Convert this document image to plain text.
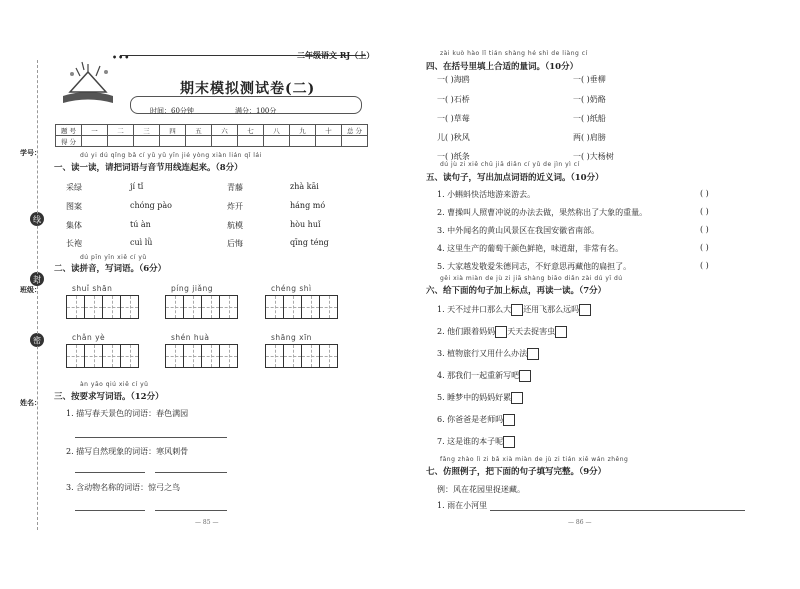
学号：
线
封
班级：
密
姓名：
•••	二年级语文 RJ（上）
期末模拟测试卷(二)
时间：60分钟	满分：100分
题 号	一	二	三	四	五	六	七	八	九	十	总 分
得 分											
dú yi dú qǐng bǎ cí yǔ yǔ yīn jié yòng xiàn lián qǐ lái
一、读一读，请把词语与音节用线连起来。（8分）
采绿	jí tǐ	青藤	zhà kāi
图案	chóng pào	炸开	háng mó
集体	tú àn	航模	hòu huǐ
长袍	cuì lǜ	后悔	qīng téng
dú pīn yīn xiě cí yǔ
二、读拼音，写词语。（6分）
shuǐ shān	píng jiǎng	chéng shì
chǎn yè	shén huà	shāng xīn
àn yāo qiú xiě cí yǔ
三、按要求写词语。（12分）
1. 描写春天景色的词语：春色满园
2. 描写自然现象的词语：寒风刺骨
3. 含动物名称的词语：惊弓之鸟
— 85 —
zài kuò hào lǐ tián shàng hé shì de liàng cí
四、在括号里填上合适的量词。（10分）
一( )海鸥	一( )垂柳
一( )石桥	一( )奶酪
一( )草莓	一( )纸船
儿( )秋风	两( )肩膀
一( )纸条	一( )大杨树
dú jù zi xiě chū jiā diǎn cí yǔ de jìn yì cí
五、读句子，写出加点词语的近义词。（10分）
1. 小蝌蚪快活地游来游去。	( )
2. 曹操叫人照曹冲说的办法去做，果然称出了大象的重量。	( )
3. 中外闻名的黄山风景区在我国安徽省南部。	( )
4. 这里生产的葡萄干颜色鲜艳，味道甜，非常有名。	( )
5. 大家越发敬爱朱德同志，不好意思再藏他的扁担了。	( )
gěi xià miàn de jù zi jiā shàng biāo diǎn zài dú yī dú
六、给下面的句子加上标点，再读一读。（7分）
1. 天不过井口那么大 还用飞那么远吗
2. 他们跟着妈妈 天天去捉害虫
3. 植物旅行又用什么办法
4. 那我们一起重新写吧
5. 睡梦中的妈妈好累
6. 你爸爸是老师吗
7. 这是谁的本子呢
fǎng zhào lì zi bǎ xià miàn de jù zi tián xiě wán zhěng
七、仿照例子，把下面的句子填写完整。（9分）
例：风在花园里捉迷藏。
1. 雨在小河里
— 86 —
